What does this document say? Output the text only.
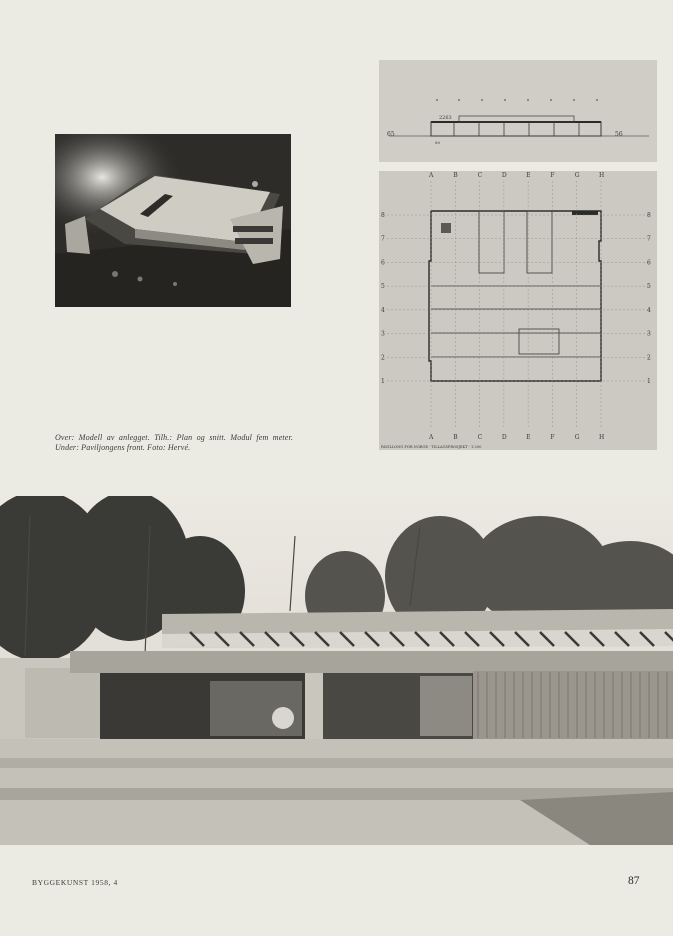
65	56
2263
80
A
A
B
B
C
C
D
D
E
E
F
F
G
G
H
H
8	8
7	7
6	6
5	5
4	4
3	3
2	2
1	1
PAVILLONG FOR NORGE · TILLAGSPROSJEKT · 1:200
Over: Modell av anlegget. Tilh.: Plan og snitt. Modul fem meter. Under: Paviljongens front. Foto: Hervé.
BYGGEKUNST 1958, 4	87
